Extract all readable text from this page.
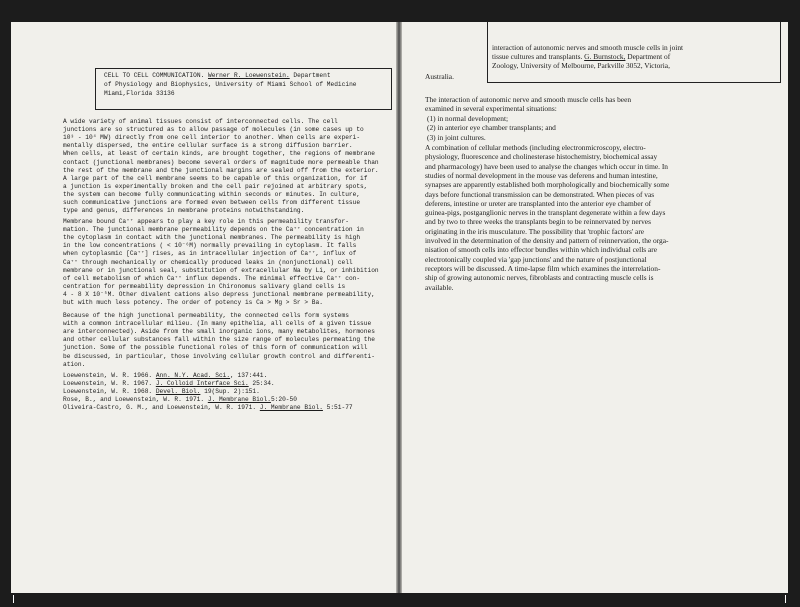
CELL TO CELL COMMUNICATION. Werner R. Loewenstein. Department
of Physiology and Biophysics, University of Miami School of Medicine
Miami,Florida 33136
A wide variety of animal tissues consist of interconnected cells. The cell
junctions are so structured as to allow passage of molecules (in some cases up to
10³ - 10⁴ MW) directly from one cell interior to another. When cells are experi-
mentally dispersed, the entire cellular surface is a strong diffusion barrier.
When cells, at least of certain kinds, are brought together, the regions of membrane
contact (junctional membranes) become several orders of magnitude more permeable than
the rest of the membrane and the junctional margins are sealed off from the exterior.
A large part of the cell membrane seems to be capable of this organization, for if
a junction is experimentally broken and the cell pair rejoined at arbitrary spots,
the system can become fully communicating within seconds or minutes. In culture,
such communicative junctions are formed even between cells from different tissue
type and genus, differences in membrane proteins notwithstanding.
Membrane bound Ca⁺⁺ appears to play a key role in this permeability transfor-
mation. The junctional membrane permeability depends on the Ca⁺⁺ concentration in
the cytoplasm in contact with the junctional membranes. The permeability is high
in the low concentrations ( < 10⁻⁶M) normally prevailing in cytoplasm. It falls
when cytoplasmic [Ca⁺⁺] rises, as in intracellular injection of Ca⁺⁺, influx of
Ca⁺⁺ through mechanically or chemically produced leaks in (nonjunctional) cell
membrane or in junctional seal, substitution of extracellular Na by Li, or inhibition
of cell metabolism of which Ca⁺⁺ influx depends. The minimal effective Ca⁺⁺ con-
centration for permeability depression in Chironomus salivary gland cells is
4 - 8 X 10⁻⁵M. Other divalent cations also depress junctional membrane permeability,
but with much less potency. The order of potency is Ca > Mg > Sr > Ba.
Because of the high junctional permeability, the connected cells form systems
with a common intracellular milieu. (In many epithelia, all cells of a given tissue
are interconnected). Aside from the small inorganic ions, many metabolites, hormones
and other cellular substances fall within the size range of molecules permeating the
junction. Some of the possible functional roles of this form of communication will
be discussed, in particular, those involving cellular growth control and differenti-
ation.
Loewenstein, W. R. 1966. Ann. N.Y. Acad. Sci., 137:441.
Loewenstein, W. R. 1967. J. Colloid Interface Sci. 25:34.
Loewenstein, W. R. 1968. Devel. Biol. 19(Sup. 2):151.
Rose, B., and Loewenstein, W. R. 1971. J. Membrane Biol.5:20-50
Oliveira-Castro, G. M., and Loewenstein, W. R. 1971. J. Membrane Biol. 5:51-77
interaction of autonomic nerves and smooth muscle cells in joint
tissue cultures and transplants. G. Burnstock, Department of
Zoology, University of Melbourne, Parkville 3052, Victoria,
Australia.
The interaction of autonomic nerve and smooth muscle cells has been
examined in several experimental situations:
(1) in normal development;
(2) in anterior eye chamber transplants; and
(3) in joint cultures.
A combination of cellular methods (including electronmicroscopy, electro-
physiology, fluorescence and cholinesterase histochemistry, biochemical assay
and pharmacology) have been used to analyse the changes which occur in time. In
studies of normal development in the mouse vas deferens and human intestine,
synapses are apparently established both morphologically and biochemically some
days before functional transmission can be demonstrated. When pieces of vas
deferens, intestine or ureter are transplanted into the anterior eye chamber of
guinea-pigs, postganglionic nerves in the transplant degenerate within a few days
and by two to three weeks the transplants begin to be reinnervated by nerves
originating in the iris musculature. The possibility that 'trophic factors' are
involved in the determination of the density and pattern of reinnervation, the orga-
nisation of smooth cells into effector bundles within which individual cells are
electrotonically coupled via 'gap junctions' and the nature of postjunctional
receptors will be discussed. A time-lapse film which examines the interrelation-
ship of growing autonomic nerves, fibroblasts and contracting muscle cells is
available.
